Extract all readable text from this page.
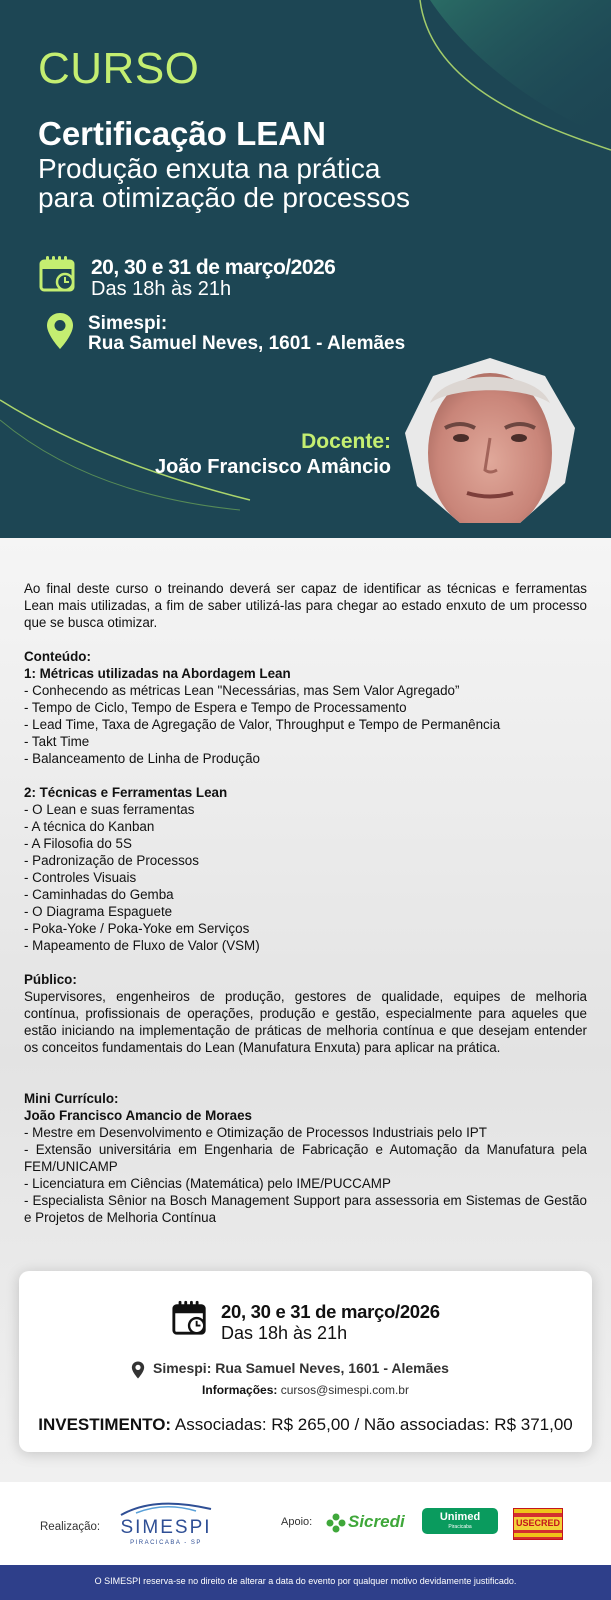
CURSO
Certificação LEAN
Produção enxuta na prática
para otimização de processos
20, 30 e 31 de março/2026
Das 18h às 21h
Simespi:
Rua Samuel Neves, 1601 - Alemães
Docente:
João Francisco Amâncio

Ao final deste curso o treinando deverá ser capaz de identificar as técnicas e ferramentas Lean mais utilizadas, a fim de saber utilizá-las para chegar ao estado enxuto de um processo que se busca otimizar.

Conteúdo:

1: Métricas utilizadas na Abordagem Lean

- Conhecendo as métricas Lean "Necessárias, mas Sem Valor Agregado”

- Tempo de Ciclo, Tempo de Espera e Tempo de Processamento

- Lead Time, Taxa de Agregação de Valor, Throughput e Tempo de Permanência

- Takt Time

- Balanceamento de Linha de Produção

2: Técnicas e Ferramentas Lean

- O Lean e suas ferramentas

- A técnica do Kanban

- A Filosofia do 5S

- Padronização de Processos

- Controles Visuais

- Caminhadas do Gemba

- O Diagrama Espaguete

- Poka-Yoke / Poka-Yoke em Serviços

- Mapeamento de Fluxo de Valor (VSM)

Público:

Supervisores, engenheiros de produção, gestores de qualidade, equipes de melhoria contínua, profissionais de operações, produção e gestão, especialmente para aqueles que estão iniciando na implementação de práticas de melhoria contínua e que desejam entender os conceitos fundamentais do Lean (Manufatura Enxuta) para aplicar na prática.

Mini Currículo:

João Francisco Amancio de Moraes

- Mestre em Desenvolvimento e Otimização de Processos Industriais pelo IPT

- Extensão universitária em Engenharia de Fabricação e Automação da Manufatura pela FEM/UNICAMP

- Licenciatura em Ciências (Matemática) pelo IME/PUCCAMP

- Especialista Sênior na Bosch Management Support para assessoria em Sistemas de Gestão e Projetos de Melhoria Contínua

20, 30 e 31 de março/2026
Das 18h às 21h
Simespi: Rua Samuel Neves, 1601 - Alemães
Informações: cursos@simespi.com.br
INVESTIMENTO: Associadas: R$ 265,00 / Não associadas: R$ 371,00
Realização: SIMESPI
PIRACICABA - SP
Apoio: Sicredi	Unimed
Piracicaba	USECRED
O SIMESPI reserva-se no direito de alterar a data do evento por qualquer motivo devidamente justificado.
